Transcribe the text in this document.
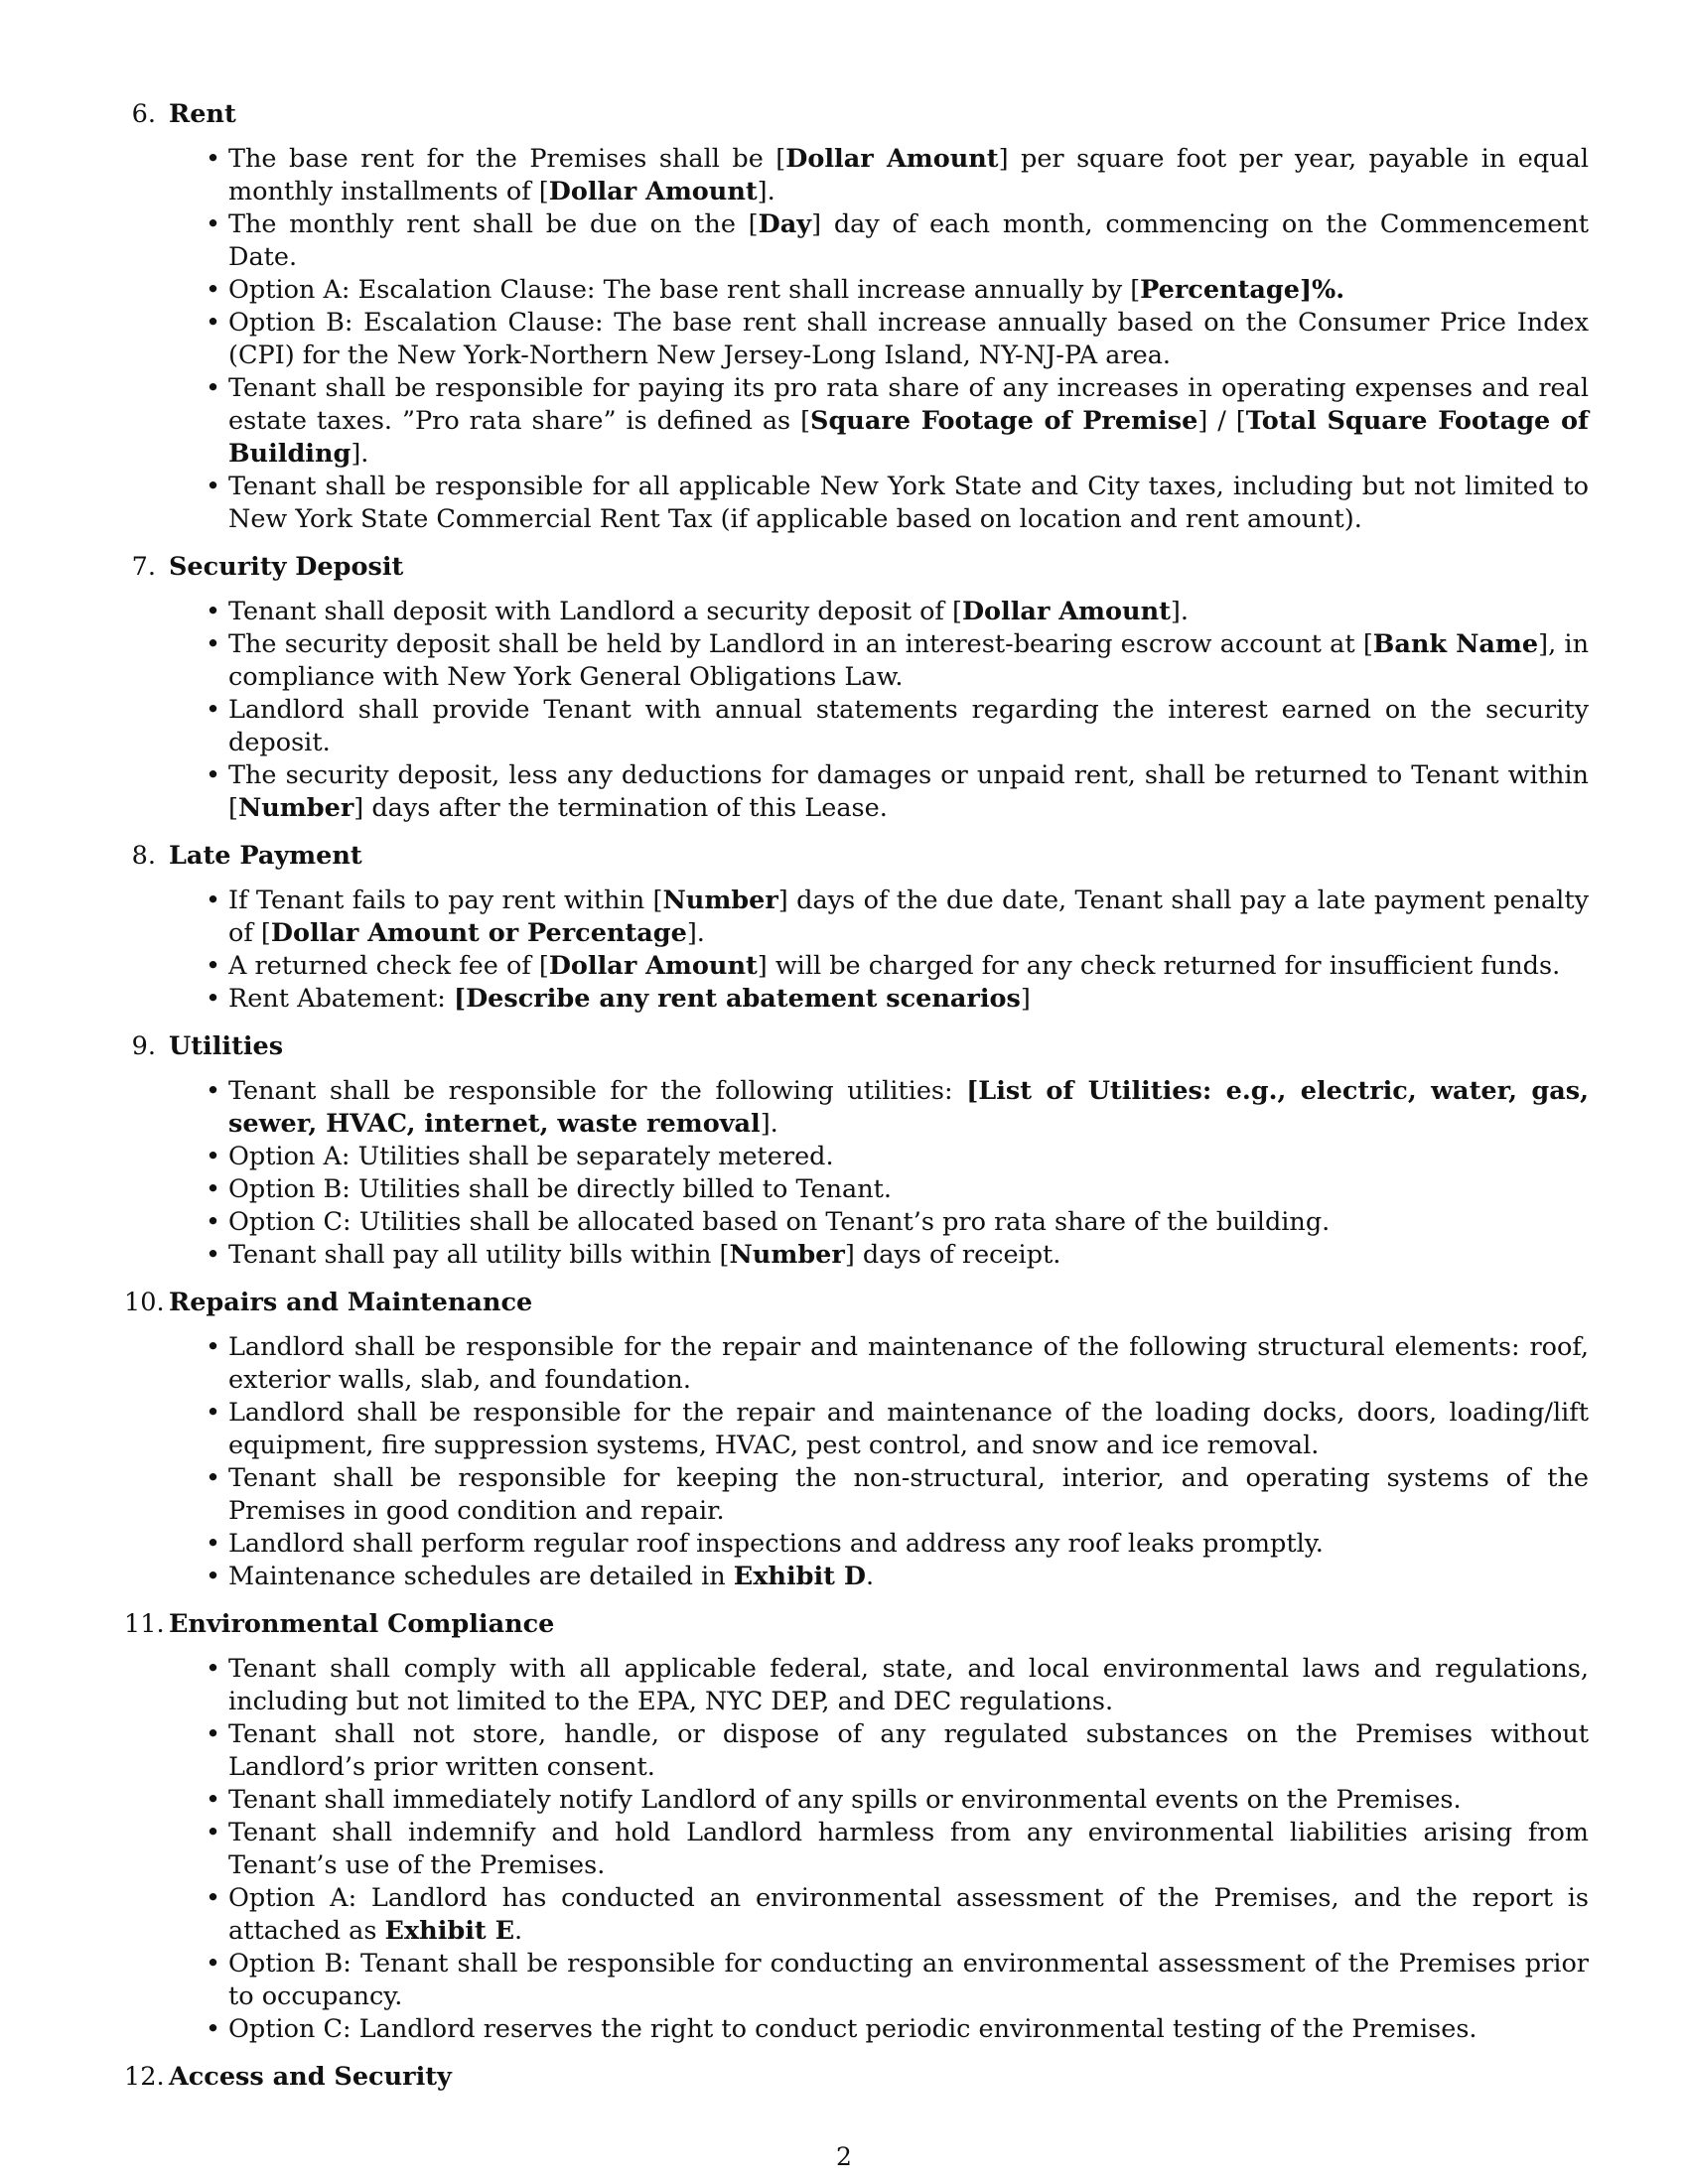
6. Rent
• The base rent for the Premises shall be [Dollar Amount] per square foot per year, payable in equal monthly installments of [Dollar Amount].
• The monthly rent shall be due on the [Day] day of each month, commencing on the Commencement Date.
• Option A: Escalation Clause: The base rent shall increase annually by [Percentage]%.
• Option B: Escalation Clause: The base rent shall increase annually based on the Consumer Price Index (CPI) for the New York-Northern New Jersey-Long Island, NY-NJ-PA area.
• Tenant shall be responsible for paying its pro rata share of any increases in operating expenses and real estate taxes. ”Pro rata share” is defined as [Square Footage of Premise] / [Total Square Footage of Building].
• Tenant shall be responsible for all applicable New York State and City taxes, including but not limited to New York State Commercial Rent Tax (if applicable based on location and rent amount).
7. Security Deposit
• Tenant shall deposit with Landlord a security deposit of [Dollar Amount].
• The security deposit shall be held by Landlord in an interest-bearing escrow account at [Bank Name], in compliance with New York General Obligations Law.
• Landlord shall provide Tenant with annual statements regarding the interest earned on the security deposit.
• The security deposit, less any deductions for damages or unpaid rent, shall be returned to Tenant within [Number] days after the termination of this Lease.
8. Late Payment
• If Tenant fails to pay rent within [Number] days of the due date, Tenant shall pay a late payment penalty of [Dollar Amount or Percentage].
• A returned check fee of [Dollar Amount] will be charged for any check returned for insufficient funds.
• Rent Abatement: [Describe any rent abatement scenarios]
9. Utilities
• Tenant shall be responsible for the following utilities: [List of Utilities: e.g., electric, water, gas, sewer, HVAC, internet, waste removal].
• Option A: Utilities shall be separately metered.
• Option B: Utilities shall be directly billed to Tenant.
• Option C: Utilities shall be allocated based on Tenant’s pro rata share of the building.
• Tenant shall pay all utility bills within [Number] days of receipt.
10. Repairs and Maintenance
• Landlord shall be responsible for the repair and maintenance of the following structural elements: roof, exterior walls, slab, and foundation.
• Landlord shall be responsible for the repair and maintenance of the loading docks, doors, loading/lift equipment, fire suppression systems, HVAC, pest control, and snow and ice removal.
• Tenant shall be responsible for keeping the non-structural, interior, and operating systems of the Premises in good condition and repair.
• Landlord shall perform regular roof inspections and address any roof leaks promptly.
• Maintenance schedules are detailed in Exhibit D.
11. Environmental Compliance
• Tenant shall comply with all applicable federal, state, and local environmental laws and regulations, including but not limited to the EPA, NYC DEP, and DEC regulations.
• Tenant shall not store, handle, or dispose of any regulated substances on the Premises without Landlord’s prior written consent.
• Tenant shall immediately notify Landlord of any spills or environmental events on the Premises.
• Tenant shall indemnify and hold Landlord harmless from any environmental liabilities arising from Tenant’s use of the Premises.
• Option A: Landlord has conducted an environmental assessment of the Premises, and the report is attached as Exhibit E.
• Option B: Tenant shall be responsible for conducting an environmental assessment of the Premises prior to occupancy.
• Option C: Landlord reserves the right to conduct periodic environmental testing of the Premises.
12. Access and Security
2
